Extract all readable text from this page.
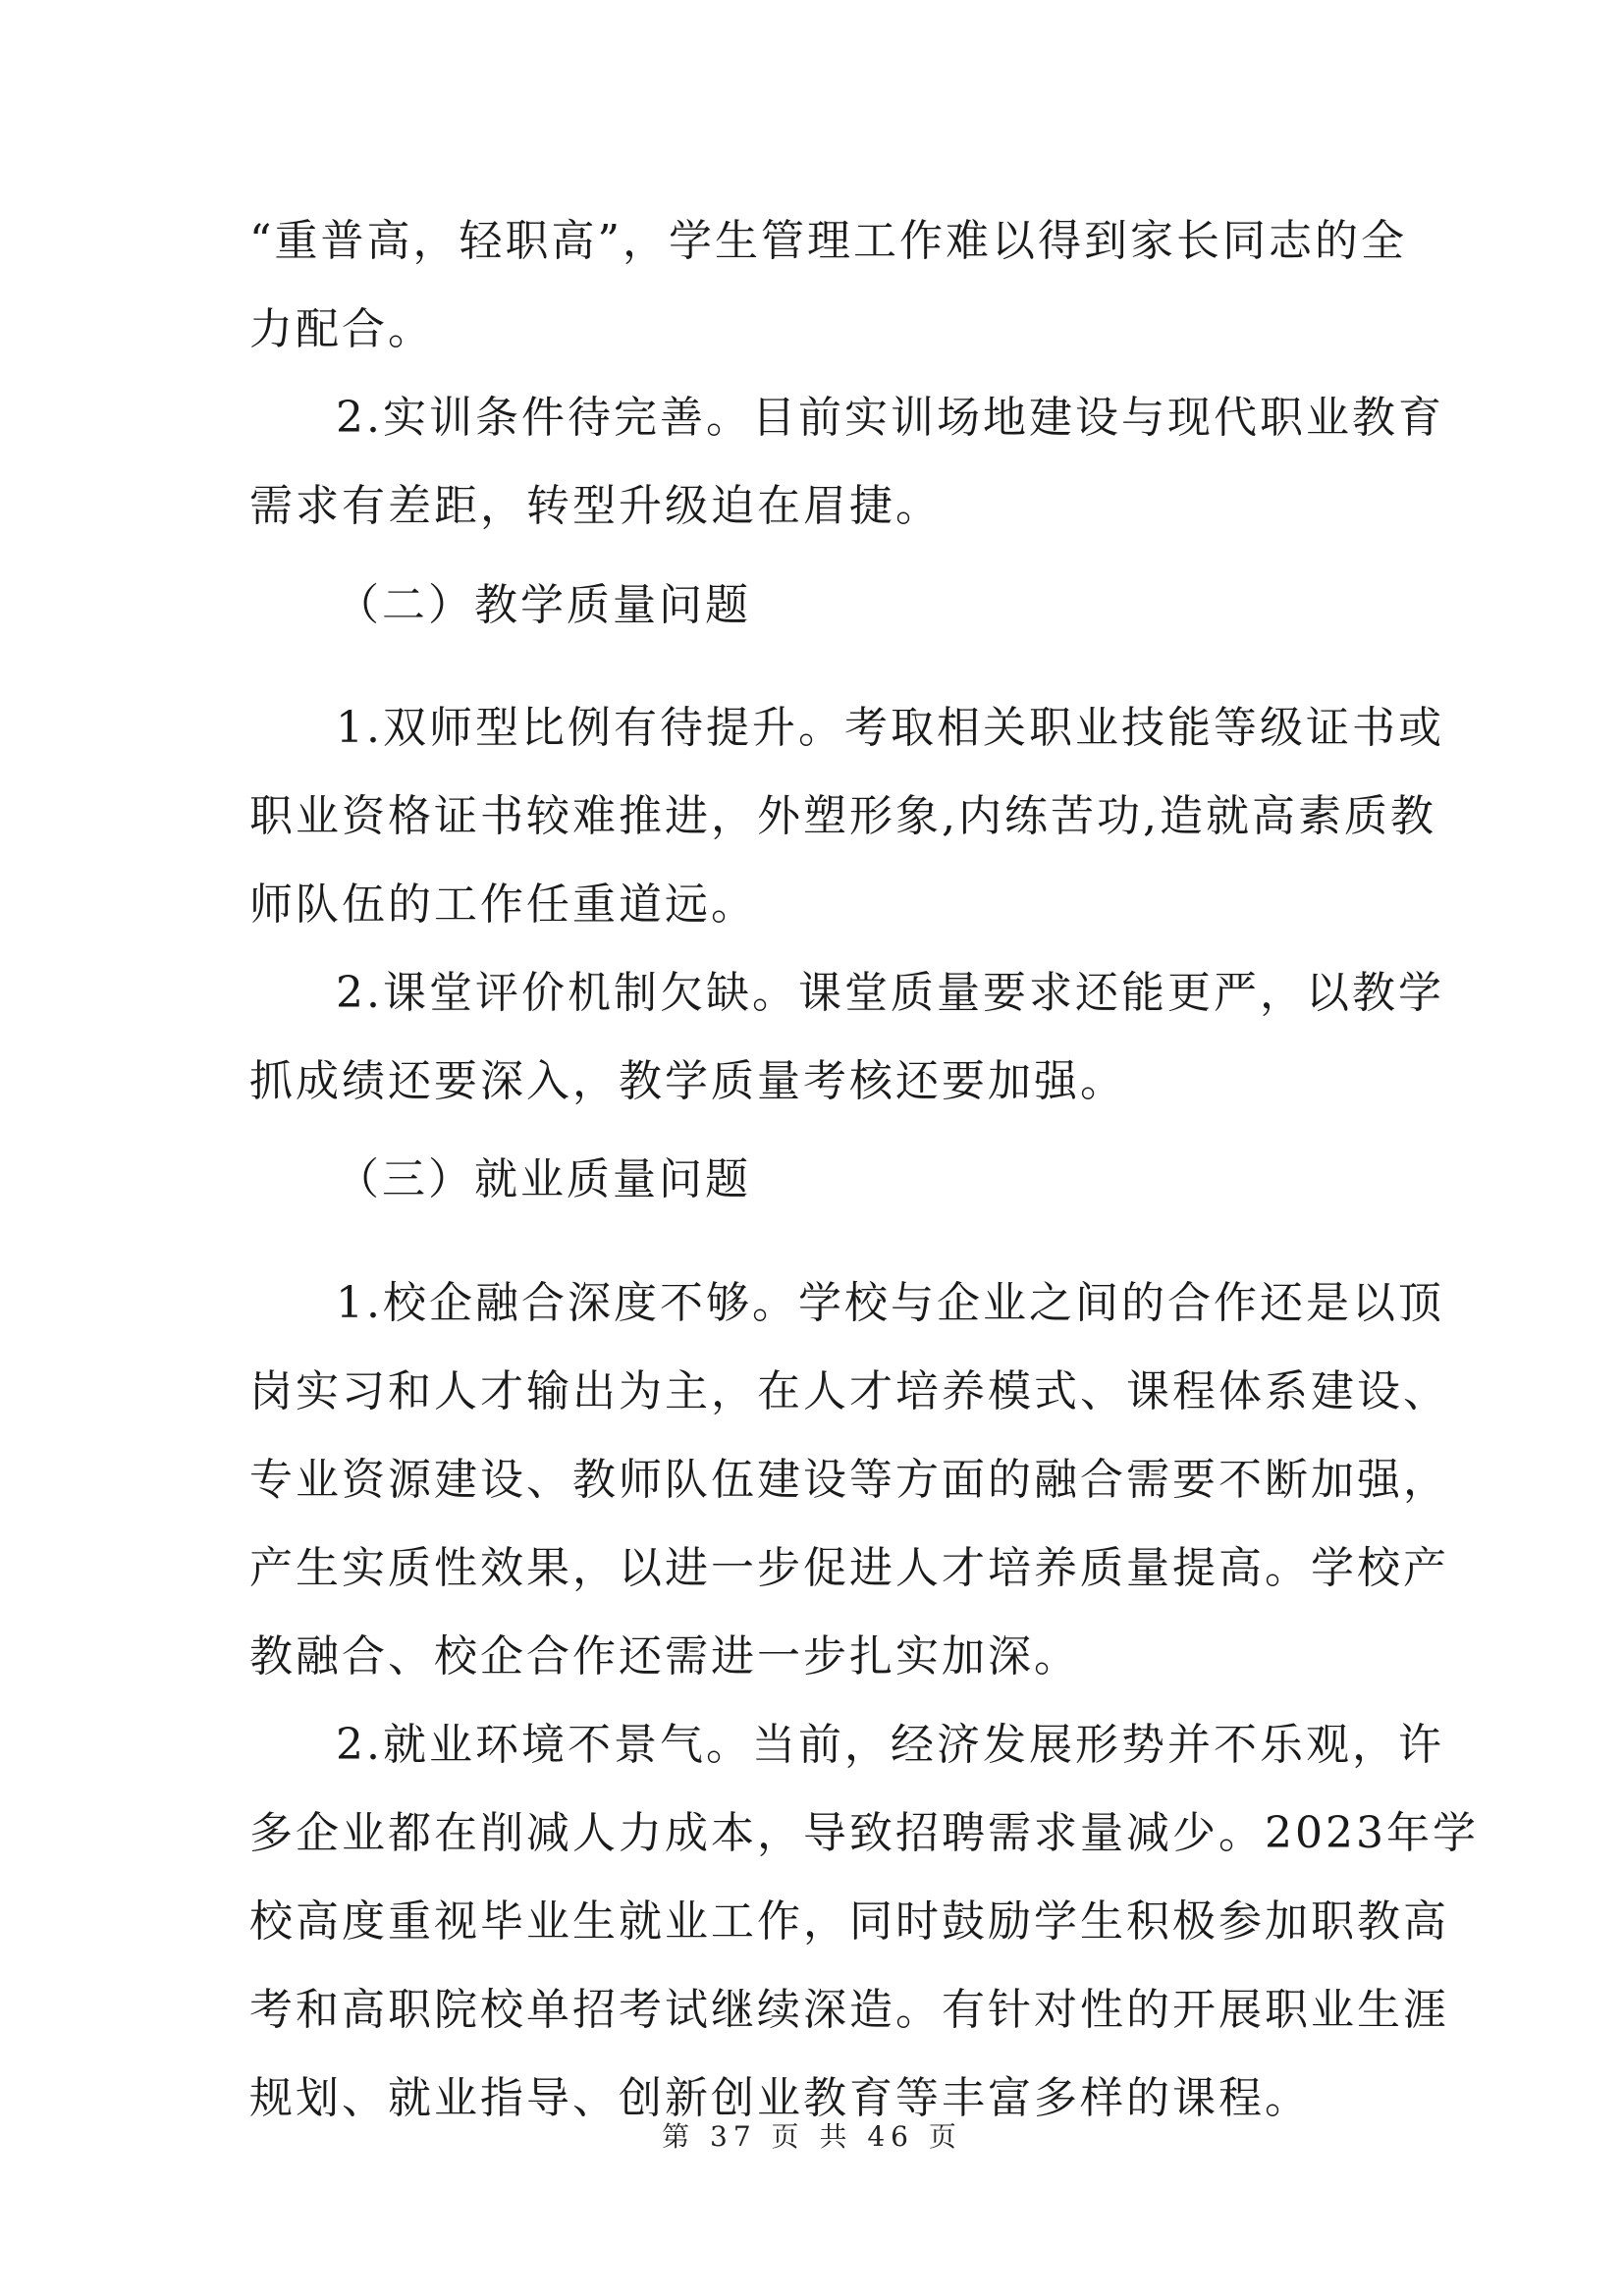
“重普高，轻职高”，学生管理工作难以得到家长同志的全
力配合。
2.实训条件待完善。目前实训场地建设与现代职业教育
需求有差距，转型升级迫在眉捷。
（二）教学质量问题
1.双师型比例有待提升。考取相关职业技能等级证书或
职业资格证书较难推进，外塑形象,内练苦功,造就高素质教
师队伍的工作任重道远。
2.课堂评价机制欠缺。课堂质量要求还能更严，以教学
抓成绩还要深入，教学质量考核还要加强。
（三）就业质量问题
1.校企融合深度不够。学校与企业之间的合作还是以顶
岗实习和人才输出为主，在人才培养模式、课程体系建设、
专业资源建设、教师队伍建设等方面的融合需要不断加强，
产生实质性效果，以进一步促进人才培养质量提高。学校产
教融合、校企合作还需进一步扎实加深。
2.就业环境不景气。当前，经济发展形势并不乐观，许
多企业都在削减人力成本，导致招聘需求量减少。2023年学
校高度重视毕业生就业工作，同时鼓励学生积极参加职教高
考和高职院校单招考试继续深造。有针对性的开展职业生涯
规划、就业指导、创新创业教育等丰富多样的课程。
第 37 页 共 46 页
